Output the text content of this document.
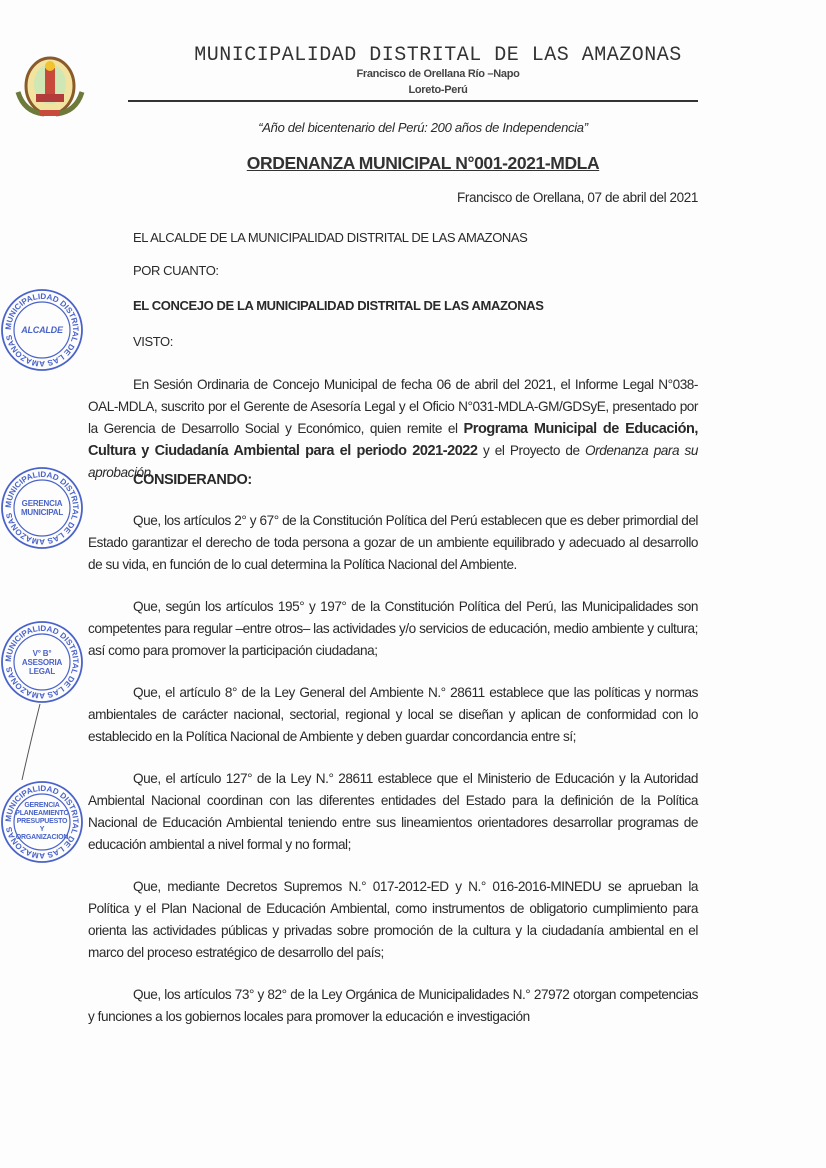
MUNICIPALIDAD DISTRITAL DE LAS AMAZONAS
Francisco de Orellana Río –Napo
Loreto-Perú
“Año del bicentenario del Perú: 200 años de Independencia”
ORDENANZA MUNICIPAL N°001-2021-MDLA
Francisco de Orellana, 07 de abril del 2021
EL ALCALDE DE LA MUNICIPALIDAD DISTRITAL DE LAS AMAZONAS
POR CUANTO:
EL CONCEJO DE LA MUNICIPALIDAD DISTRITAL DE LAS AMAZONAS
VISTO:

En Sesión Ordinaria de Concejo Municipal de fecha 06 de abril del 2021, el Informe Legal N°038-OAL-MDLA, suscrito por el Gerente de Asesoría Legal y el Oficio N°031-MDLA-GM/GDSyE, presentado por la Gerencia de Desarrollo Social y Económico, quien remite el Programa Municipal de Educación, Cultura y Ciudadanía Ambiental para el periodo 2021-2022 y el Proyecto de Ordenanza para su aprobación

CONSIDERANDO:

Que, los artículos 2° y 67° de la Constitución Política del Perú establecen que es deber primordial del Estado garantizar el derecho de toda persona a gozar de un ambiente equilibrado y adecuado al desarrollo de su vida, en función de lo cual determina la Política Nacional del Ambiente.

Que, según los artículos 195° y 197° de la Constitución Política del Perú, las Municipalidades son competentes para regular –entre otros– las actividades y/o servicios de educación, medio ambiente y cultura; así como para promover la participación ciudadana;

Que, el artículo 8° de la Ley General del Ambiente N.° 28611 establece que las políticas y normas ambientales de carácter nacional, sectorial, regional y local se diseñan y aplican de conformidad con lo establecido en la Política Nacional de Ambiente y deben guardar concordancia entre sí;

Que, el artículo 127° de la Ley N.° 28611 establece que el Ministerio de Educación y la Autoridad Ambiental Nacional coordinan con las diferentes entidades del Estado para la definición de la Política Nacional de Educación Ambiental teniendo entre sus lineamientos orientadores desarrollar programas de educación ambiental a nivel formal y no formal;

Que, mediante Decretos Supremos N.° 017-2012-ED y N.° 016-2016-MINEDU se aprueban la Política y el Plan Nacional de Educación Ambiental, como instrumentos de obligatorio cumplimiento para orienta las actividades públicas y privadas sobre promoción de la cultura y la ciudadanía ambiental en el marco del proceso estratégico de desarrollo del país;

Que, los artículos 73° y 82° de la Ley Orgánica de Municipalidades N.° 27972 otorgan competencias y funciones a los gobiernos locales para promover la educación e investigación

MUNICIPALIDAD DISTRITAL DE LAS AMAZONAS
ALCALDE
MUNICIPALIDAD DISTRITAL DE LAS AMAZONAS
GERENCIA MUNICIPAL
MUNICIPALIDAD DISTRITAL DE LAS AMAZONAS
V° B° ASESORIA LEGAL
MUNICIPALIDAD DISTRITAL DE LAS AMAZONAS
GERENCIA PLANEAMIENTO PRESUPUESTO Y ORGANIZACION
